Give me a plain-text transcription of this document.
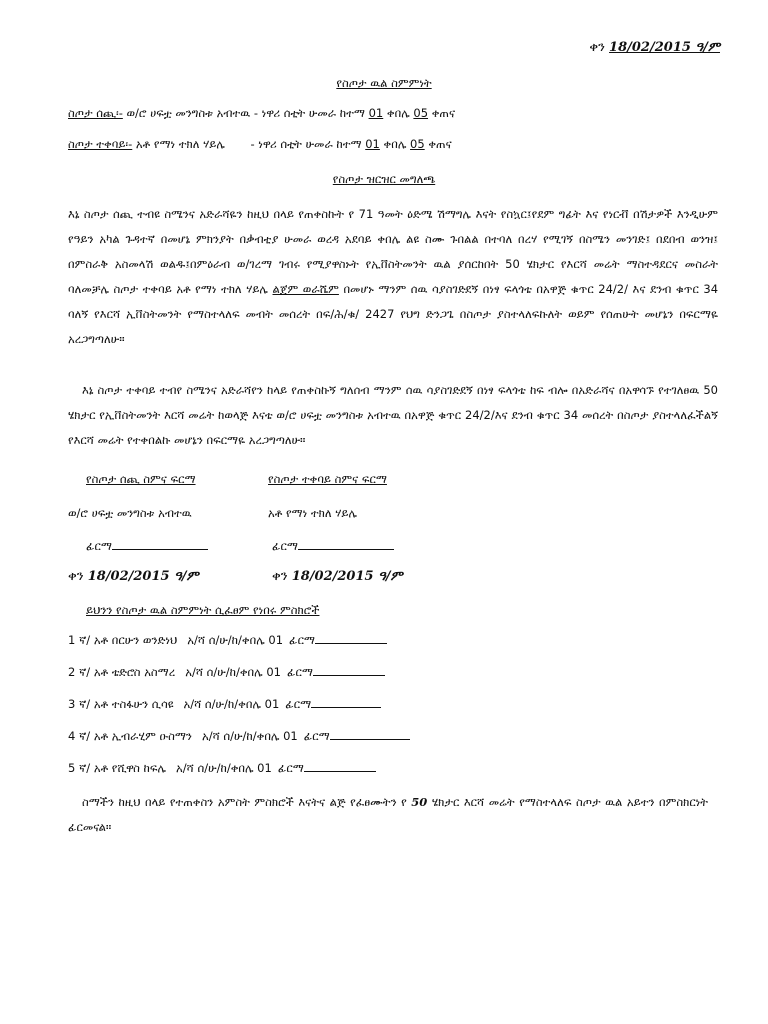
ቀን 18/02/2015 ዓ/ም
የስጦታ ዉል ስምምነት
ስጦታ ሰጪ፡- ወ/ሮ ሀፍቷ መንግስቱ አብተዉ - ነዋሪ ሰቲት ሁመራ ከተማ 01 ቀበሌ 05 ቀጠና
ስጦታ ተቀባይ፡- አቶ የማነ ተክለ ሃይሌ       - ነዋሪ ሰቲት ሁመራ ከተማ 01 ቀበሌ 05 ቀጠና
የስጦታ ዝርዝር መግለጫ
እኔ ስጦታ ሰጪ ተብዩ ስሜንና አድራሻዬን ከዚህ በላይ የጠቀስኩት የ 71 ዓመት ዕድሜ ሽማግሌ እናት የስኳር፤የደም ግፊት እና የነርቭ በሽታዎች እንዲሁም የዓይን አካል ጉዳተኛ በመሆኔ ምክንያት በቃብቲያ ሁመራ ወረዳ አደባይ ቀበሌ ልዩ ስሙ ጉበልል በተባለ በረሃ የሚገኝ በስሜን መንገድ፤ በደበብ ወንዝ፤ በምስራቅ አስመላሽ ወልዱ፤በምዕራብ ወ/ገረማ ገብሩ የሚያዋስኑት የኢቨስትመንት ዉል ያሰርከበት 50 ሄክታር የእርሻ መሬት ማስተዳደርና መስራት ባለመቻሌ ስጦታ ተቀባይ አቶ የማነ ተክለ ሃይሌ ልጀም ወራሼም በመሆኑ ማንም ሰዉ ሳያስገድደኝ በነፃ ፍላጎቴ በአዋጅ ቁጥር 24/2/ እና ደንብ ቁጥር 34 ባለኝ የእርሻ ኢቨስትመንት የማስተላለፍ መብት መሰረት በፍ/ሕ/ቁ/ 2427 የህግ ድንጋጌ በስጦታ ያስተላለፍኩለት ወይም የሰጠሁት መሆኔን በፍርማዬ አረጋግጣለሁ።
እኔ ስጦታ ተቀባይ ተብየ ስሜንና አድራሻየን ከላይ የጠቀስኩኝ ግለሰብ ማንም ሰዉ ሳያስገድደኝ በነፃ ፍላጎቴ ከፍ ብሎ በአድራሻና በአዋሳኙ የተገለፀዉ 50 ሄክታር የኢቨስትመንት እርሻ መሬት ከወላጅ እናቴ ወ/ሮ ሀፍቷ መንግስቱ አብተዉ በአዋጅ ቁጥር 24/2/እና ደንብ ቁጥር 34 መሰረት በስጦታ ያስተላለፈችልኝ የእርሻ መሬት የተቀበልኩ መሆኔን በፍርማዬ አረጋግጣለሁ።
የስጦታ ሰጪ ስምና ፍርማ	የስጦታ ተቀባይ ስምና ፍርማ
ወ/ሮ ሀፍቷ መንግስቱ አብተዉ	አቶ የማነ ተክለ ሃይሌ
ፊርማ	ፊርማ
ቀን 18/02/2015 ዓ/ም	ቀን 18/02/2015 ዓ/ም
ይህንን የስጦታ ዉል ስምምነት ሲፈፀም የነበሩ ምስክሮች
1 ኛ/ አቶ በርሁን ወንድነህ አ/ሻ ሰ/ሁ/ከ/ቀበሌ 01 ፊርማ
2 ኛ/ አቶ ቴድሮስ አስማረ አ/ሻ ሰ/ሁ/ከ/ቀበሌ 01 ፊርማ
3 ኛ/ አቶ ተስፋሁን ሲሳዩ አ/ሻ ሰ/ሁ/ከ/ቀበሌ 01 ፊርማ
4 ኛ/ አቶ ኢብራሂም ዑስማን አ/ሻ ሰ/ሁ/ከ/ቀበሌ 01 ፊርማ
5 ኛ/ አቶ የሺዋስ ከፍሌ አ/ሻ ሰ/ሁ/ከ/ቀበሌ 01 ፊርማ
ስማችን ከዚህ በላይ የተጠቀስን አምስት ምስክሮች እናትና ልጅ የፈፀሙትን የ 50 ሄክታር እርሻ መሬት የማስተላለፍ ስጦታ ዉል አይተን በምስክርነት ፊርመናል።
